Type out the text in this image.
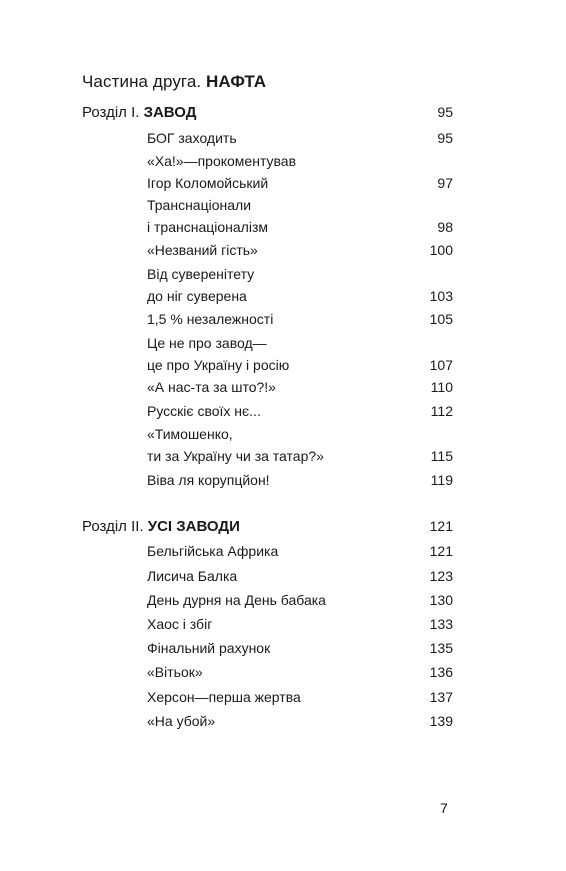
Частина друга. НАФТА
Розділ І. ЗАВОД	95
БОГ заходить	95
«Ха!»—прокоментував
Ігор Коломойський	97
Транснаціонали
і транснаціоналізм	98
«Незваний гість»	100
Від суверенітету
до ніг суверена	103
1,5 % незалежності	105
Це не про завод—
це про Україну і росію	107
«А нас-та за што?!»	110
Русскіє своїх нє...	112
«Тимошенко,
ти за Україну чи за татар?»	115
Віва ля корупцйон!	119
Розділ ІІ. УСІ ЗАВОДИ	121
Бельгійська Африка	121
Лисича Балка	123
День дурня на День бабака	130
Хаос і збіг	133
Фінальний рахунок	135
«Вітьок»	136
Херсон—перша жертва	137
«На убой»	139
7
